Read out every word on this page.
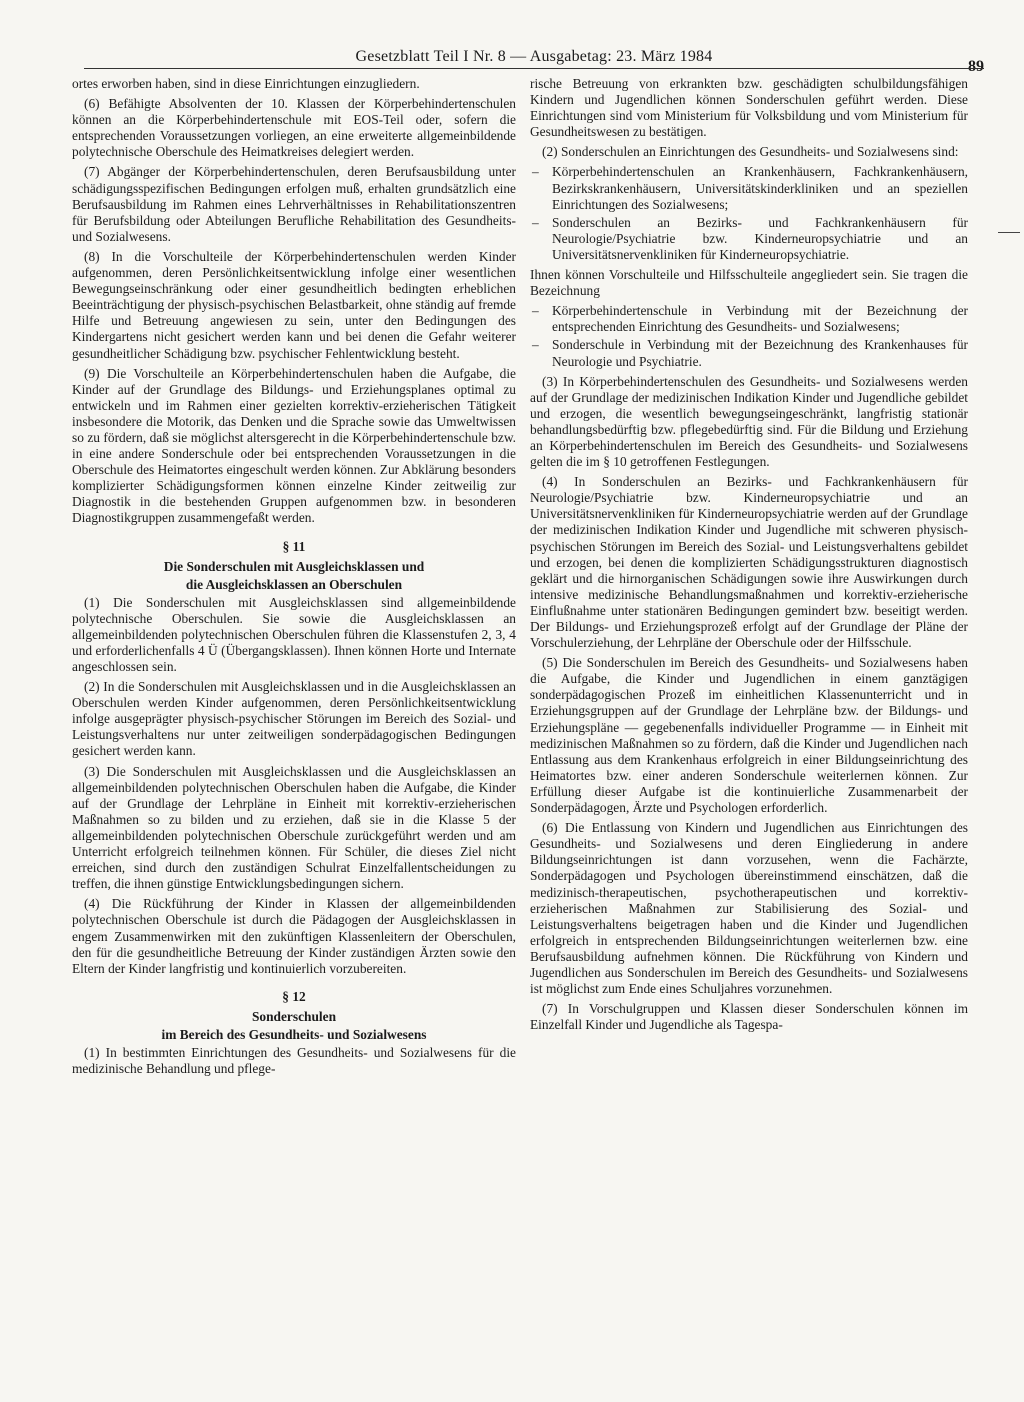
Gesetzblatt Teil I Nr. 8 — Ausgabetag: 23. März 1984
89

ortes erworben haben, sind in diese Einrichtungen einzugliedern.

(6) Befähigte Absolventen der 10. Klassen der Körperbehindertenschulen können an die Körperbehindertenschule mit EOS-Teil oder, sofern die entsprechenden Voraussetzungen vorliegen, an eine erweiterte allgemeinbildende polytechnische Oberschule des Heimatkreises delegiert werden.

(7) Abgänger der Körperbehindertenschulen, deren Berufsausbildung unter schädigungsspezifischen Bedingungen erfolgen muß, erhalten grundsätzlich eine Berufsausbildung im Rahmen eines Lehrverhältnisses in Rehabilitationszentren für Berufsbildung oder Abteilungen Berufliche Rehabilitation des Gesundheits- und Sozialwesens.

(8) In die Vorschulteile der Körperbehindertenschulen werden Kinder aufgenommen, deren Persönlichkeitsentwicklung infolge einer wesentlichen Bewegungseinschränkung oder einer gesundheitlich bedingten erheblichen Beeinträchtigung der physisch-psychischen Belastbarkeit, ohne ständig auf fremde Hilfe und Betreuung angewiesen zu sein, unter den Bedingungen des Kindergartens nicht gesichert werden kann und bei denen die Gefahr weiterer gesundheitlicher Schädigung bzw. psychischer Fehlentwicklung besteht.

(9) Die Vorschulteile an Körperbehindertenschulen haben die Aufgabe, die Kinder auf der Grundlage des Bildungs- und Erziehungsplanes optimal zu entwickeln und im Rahmen einer gezielten korrektiv-erzieherischen Tätigkeit insbesondere die Motorik, das Denken und die Sprache sowie das Umweltwissen so zu fördern, daß sie möglichst altersgerecht in die Körperbehindertenschule bzw. in eine andere Sonderschule oder bei entsprechenden Voraussetzungen in die Oberschule des Heimatortes eingeschult werden können. Zur Abklärung besonders komplizierter Schädigungsformen können einzelne Kinder zeitweilig zur Diagnostik in die bestehenden Gruppen aufgenommen bzw. in besonderen Diagnostikgruppen zusammengefaßt werden.

§ 11
Die Sonderschulen mit Ausgleichsklassen und
die Ausgleichsklassen an Oberschulen

(1) Die Sonderschulen mit Ausgleichsklassen sind allgemeinbildende polytechnische Oberschulen. Sie sowie die Ausgleichsklassen an allgemeinbildenden polytechnischen Oberschulen führen die Klassenstufen 2, 3, 4 und erforderlichenfalls 4 Ü (Übergangsklassen). Ihnen können Horte und Internate angeschlossen sein.

(2) In die Sonderschulen mit Ausgleichsklassen und in die Ausgleichsklassen an Oberschulen werden Kinder aufgenommen, deren Persönlichkeitsentwicklung infolge ausgeprägter physisch-psychischer Störungen im Bereich des Sozial- und Leistungsverhaltens nur unter zeitweiligen sonderpädagogischen Bedingungen gesichert werden kann.

(3) Die Sonderschulen mit Ausgleichsklassen und die Ausgleichsklassen an allgemeinbildenden polytechnischen Oberschulen haben die Aufgabe, die Kinder auf der Grundlage der Lehrpläne in Einheit mit korrektiv-erzieherischen Maßnahmen so zu bilden und zu erziehen, daß sie in die Klasse 5 der allgemeinbildenden polytechnischen Oberschule zurückgeführt werden und am Unterricht erfolgreich teilnehmen können. Für Schüler, die dieses Ziel nicht erreichen, sind durch den zuständigen Schulrat Einzelfallentscheidungen zu treffen, die ihnen günstige Entwicklungsbedingungen sichern.

(4) Die Rückführung der Kinder in Klassen der allgemeinbildenden polytechnischen Oberschule ist durch die Pädagogen der Ausgleichsklassen in engem Zusammenwirken mit den zukünftigen Klassenleitern der Oberschulen, den für die gesundheitliche Betreuung der Kinder zuständigen Ärzten sowie den Eltern der Kinder langfristig und kontinuierlich vorzubereiten.

§ 12
Sonderschulen
im Bereich des Gesundheits- und Sozialwesens

(1) In bestimmten Einrichtungen des Gesundheits- und Sozialwesens für die medizinische Behandlung und pflege-

rische Betreuung von erkrankten bzw. geschädigten schulbildungsfähigen Kindern und Jugendlichen können Sonderschulen geführt werden. Diese Einrichtungen sind vom Ministerium für Volksbildung und vom Ministerium für Gesundheitswesen zu bestätigen.

(2) Sonderschulen an Einrichtungen des Gesundheits- und Sozialwesens sind:

– Körperbehindertenschulen an Krankenhäusern, Fachkrankenhäusern, Bezirkskrankenhäusern, Universitätskinderkliniken und an speziellen Einrichtungen des Sozialwesens;
– Sonderschulen an Bezirks- und Fachkrankenhäusern für Neurologie/Psychiatrie bzw. Kinderneuropsychiatrie und an Universitätsnervenkliniken für Kinderneuropsychiatrie.

Ihnen können Vorschulteile und Hilfsschulteile angegliedert sein. Sie tragen die Bezeichnung

– Körperbehindertenschule in Verbindung mit der Bezeichnung der entsprechenden Einrichtung des Gesundheits- und Sozialwesens;
– Sonderschule in Verbindung mit der Bezeichnung des Krankenhauses für Neurologie und Psychiatrie.

(3) In Körperbehindertenschulen des Gesundheits- und Sozialwesens werden auf der Grundlage der medizinischen Indikation Kinder und Jugendliche gebildet und erzogen, die wesentlich bewegungseingeschränkt, langfristig stationär behandlungsbedürftig bzw. pflegebedürftig sind. Für die Bildung und Erziehung an Körperbehindertenschulen im Bereich des Gesundheits- und Sozialwesens gelten die im § 10 getroffenen Festlegungen.

(4) In Sonderschulen an Bezirks- und Fachkrankenhäusern für Neurologie/Psychiatrie bzw. Kinderneuropsychiatrie und an Universitätsnervenkliniken für Kinderneuropsychiatrie werden auf der Grundlage der medizinischen Indikation Kinder und Jugendliche mit schweren physisch-psychischen Störungen im Bereich des Sozial- und Leistungsverhaltens gebildet und erzogen, bei denen die komplizierten Schädigungsstrukturen diagnostisch geklärt und die hirnorganischen Schädigungen sowie ihre Auswirkungen durch intensive medizinische Behandlungsmaßnahmen und korrektiv-erzieherische Einflußnahme unter stationären Bedingungen gemindert bzw. beseitigt werden. Der Bildungs- und Erziehungsprozeß erfolgt auf der Grundlage der Pläne der Vorschulerziehung, der Lehrpläne der Oberschule oder der Hilfsschule.

(5) Die Sonderschulen im Bereich des Gesundheits- und Sozialwesens haben die Aufgabe, die Kinder und Jugendlichen in einem ganztägigen sonderpädagogischen Prozeß im einheitlichen Klassenunterricht und in Erziehungsgruppen auf der Grundlage der Lehrpläne bzw. der Bildungs- und Erziehungspläne — gegebenenfalls individueller Programme — in Einheit mit medizinischen Maßnahmen so zu fördern, daß die Kinder und Jugendlichen nach Entlassung aus dem Krankenhaus erfolgreich in einer Bildungseinrichtung des Heimatortes bzw. einer anderen Sonderschule weiterlernen können. Zur Erfüllung dieser Aufgabe ist die kontinuierliche Zusammenarbeit der Sonderpädagogen, Ärzte und Psychologen erforderlich.

(6) Die Entlassung von Kindern und Jugendlichen aus Einrichtungen des Gesundheits- und Sozialwesens und deren Eingliederung in andere Bildungseinrichtungen ist dann vorzusehen, wenn die Fachärzte, Sonderpädagogen und Psychologen übereinstimmend einschätzen, daß die medizinisch-therapeutischen, psychotherapeutischen und korrektiv-erzieherischen Maßnahmen zur Stabilisierung des Sozial- und Leistungsverhaltens beigetragen haben und die Kinder und Jugendlichen erfolgreich in entsprechenden Bildungseinrichtungen weiterlernen bzw. eine Berufsausbildung aufnehmen können. Die Rückführung von Kindern und Jugendlichen aus Sonderschulen im Bereich des Gesundheits- und Sozialwesens ist möglichst zum Ende eines Schuljahres vorzunehmen.

(7) In Vorschulgruppen und Klassen dieser Sonderschulen können im Einzelfall Kinder und Jugendliche als Tagespa-
